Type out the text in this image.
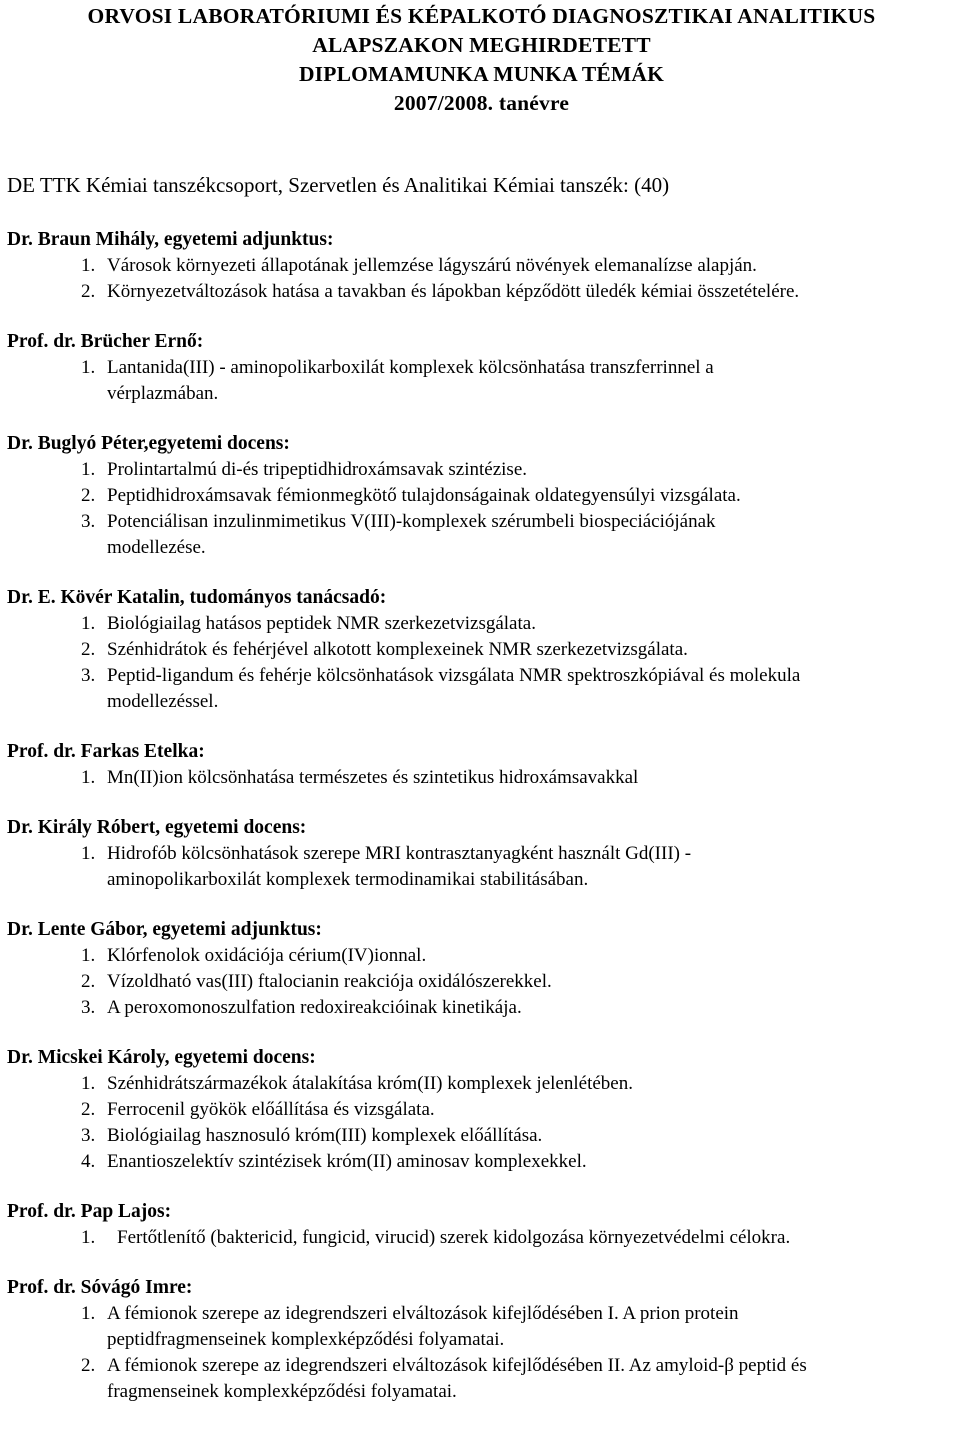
ORVOSI LABORATÓRIUMI ÉS KÉPALKOTÓ DIAGNOSZTIKAI ANALITIKUS
ALAPSZAKON MEGHIRDETETT
DIPLOMAMUNKA MUNKA TÉMÁK
2007/2008. tanévre
DE TTK Kémiai tanszékcsoport, Szervetlen és Analitikai Kémiai tanszék: (40)
Dr. Braun Mihály, egyetemi adjunktus:
1. Városok környezeti állapotának jellemzése lágyszárú növények elemanalízse alapján.
2. Környezetváltozások hatása a tavakban és lápokban képződött üledék kémiai összetételére.
Prof. dr. Brücher Ernő:
1. Lantanida(III) - aminopolikarboxilát komplexek kölcsönhatása transzferrinnel a
vérplazmában.
Dr. Buglyó Péter,egyetemi docens:
1. Prolintartalmú di-és tripeptidhidroxámsavak szintézise.
2. Peptidhidroxámsavak fémionmegkötő tulajdonságainak oldategyensúlyi vizsgálata.
3. Potenciálisan inzulinmimetikus V(III)-komplexek szérumbeli biospeciációjának
modellezése.
Dr. E. Kövér Katalin, tudományos tanácsadó:
1. Biológiailag hatásos peptidek NMR szerkezetvizsgálata.
2. Szénhidrátok és fehérjével alkotott komplexeinek NMR szerkezetvizsgálata.
3. Peptid-ligandum és fehérje kölcsönhatások vizsgálata NMR spektroszkópiával és molekula
modellezéssel.
Prof. dr. Farkas Etelka:
1. Mn(II)ion kölcsönhatása természetes és szintetikus hidroxámsavakkal
Dr. Király Róbert, egyetemi docens:
1. Hidrofób kölcsönhatások szerepe MRI kontrasztanyagként használt Gd(III) -
aminopolikarboxilát komplexek termodinamikai stabilitásában.
Dr. Lente Gábor, egyetemi adjunktus:
1. Klórfenolok oxidációja cérium(IV)ionnal.
2. Vízoldható vas(III) ftalocianin reakciója oxidálószerekkel.
3. A peroxomonoszulfation redoxireakcióinak kinetikája.
Dr. Micskei Károly, egyetemi docens:
1. Szénhidrátszármazékok átalakítása króm(II) komplexek jelenlétében.
2. Ferrocenil gyökök előállítása és vizsgálata.
3. Biológiailag hasznosuló króm(III) komplexek előállítása.
4. Enantioszelektív szintézisek króm(II) aminosav komplexekkel.
Prof. dr. Pap Lajos:
1. Fertőtlenítő (baktericid, fungicid, virucid) szerek kidolgozása környezetvédelmi célokra.
Prof. dr. Sóvágó Imre:
1. A fémionok szerepe az idegrendszeri elváltozások kifejlődésében I. A prion protein
peptidfragmenseinek komplexképződési folyamatai.
2. A fémionok szerepe az idegrendszeri elváltozások kifejlődésében II. Az amyloid-β peptid és
fragmenseinek komplexképződési folyamatai.
